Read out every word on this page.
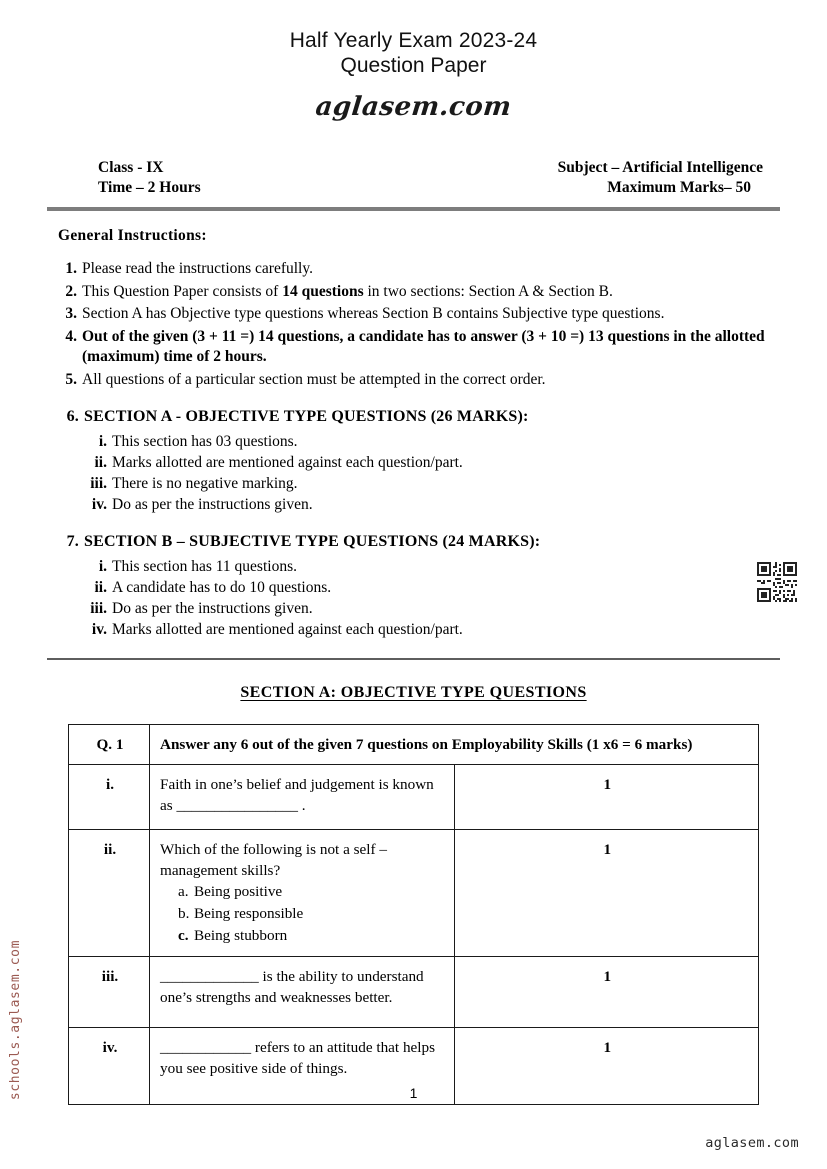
Half Yearly Exam 2023-24
Question Paper
aglasem.com
Class - IX
Time – 2 Hours
Subject – Artificial Intelligence
Maximum Marks– 50
General Instructions:
1. Please read the instructions carefully.
2. This Question Paper consists of 14 questions in two sections: Section A & Section B.
3. Section A has Objective type questions whereas Section B contains Subjective type questions.
4. Out of the given (3 + 11 =) 14 questions, a candidate has to answer (3 + 10 =) 13 questions in the allotted (maximum) time of 2 hours.
5. All questions of a particular section must be attempted in the correct order.
6. SECTION A - OBJECTIVE TYPE QUESTIONS (26 MARKS):
i. This section has 03 questions.
ii. Marks allotted are mentioned against each question/part.
iii. There is no negative marking.
iv. Do as per the instructions given.
7. SECTION B – SUBJECTIVE TYPE QUESTIONS (24 MARKS):
i. This section has 11 questions.
ii. A candidate has to do 10 questions.
iii. Do as per the instructions given.
iv. Marks allotted are mentioned against each question/part.
SECTION A: OBJECTIVE TYPE QUESTIONS
Q. 1	Answer any 6 out of the given 7 questions on Employability Skills (1 x6 = 6 marks)	
i.	Faith in one’s belief and judgement is known as ________________ .	1
ii.	Which of the following is not a self – management skills?
a. Being positive
b. Being responsible
c. Being stubborn
	1
iii.	_____________ is the ability to understand one’s strengths and weaknesses better.	1
iv.	____________ refers to an attitude that helps you see positive side of things.	1
1
schools.aglasem.com
aglasem.com
